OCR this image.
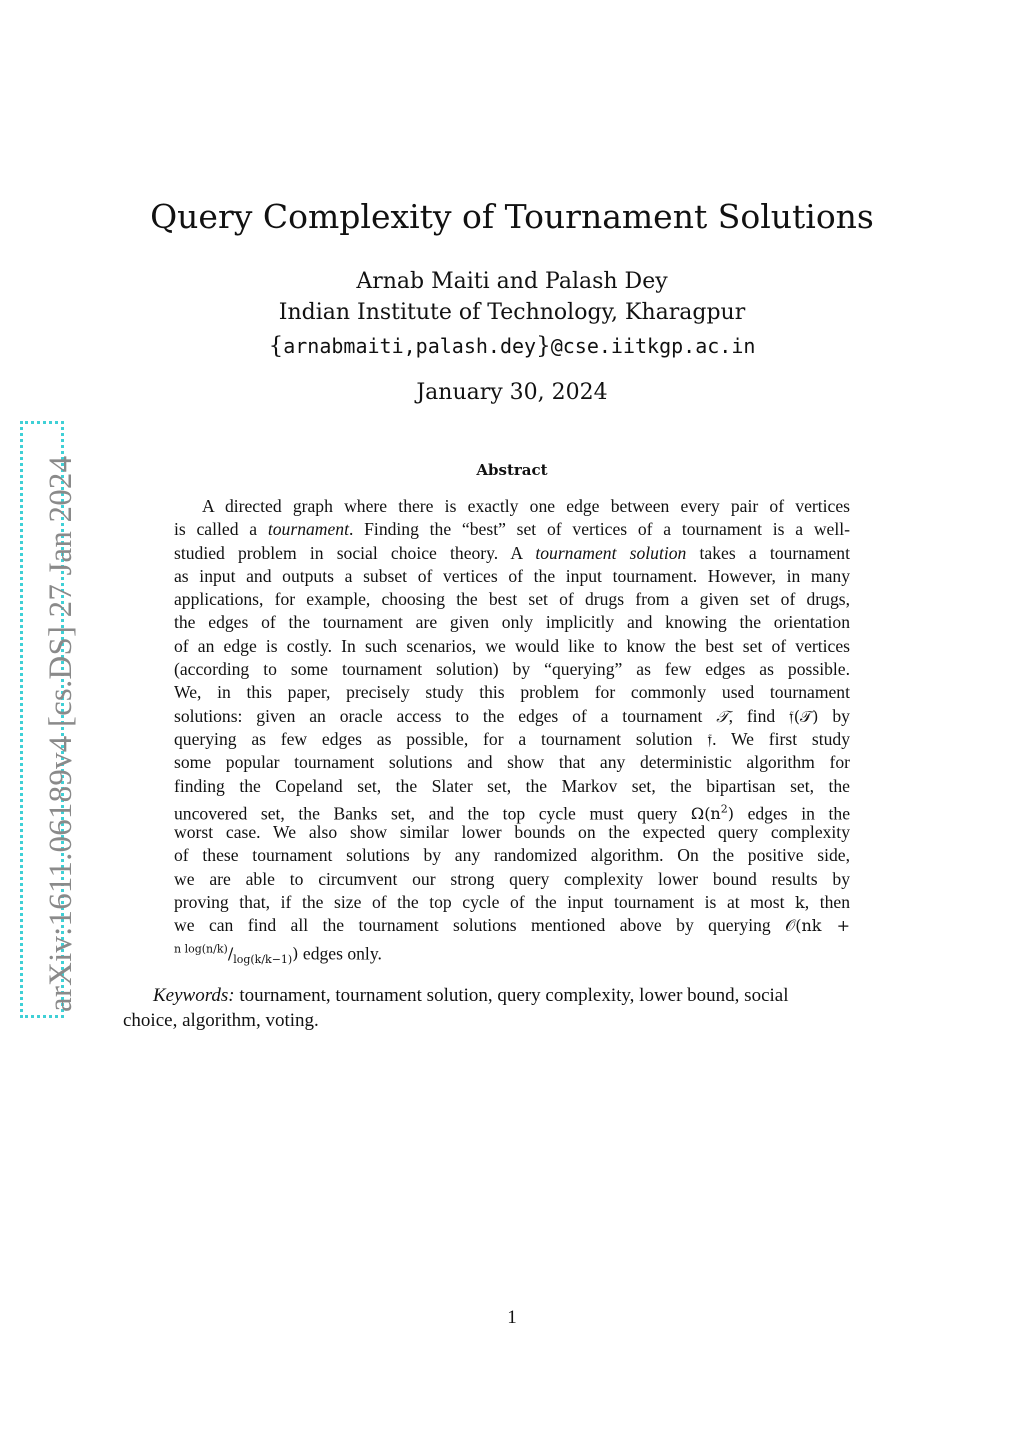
arXiv:1611.06189v4 [cs.DS] 27 Jan 2024
Query Complexity of Tournament Solutions
Arnab Maiti and Palash Dey
Indian Institute of Technology, Kharagpur
{arnabmaiti,palash.dey}@cse.iitkgp.ac.in
January 30, 2024
Abstract
A directed graph where there is exactly one edge between every pair of vertices
is called a tournament. Finding the “best” set of vertices of a tournament is a well-
studied problem in social choice theory. A tournament solution takes a tournament
as input and outputs a subset of vertices of the input tournament. However, in many
applications, for example, choosing the best set of drugs from a given set of drugs,
the edges of the tournament are given only implicitly and knowing the orientation
of an edge is costly. In such scenarios, we would like to know the best set of vertices
(according to some tournament solution) by “querying” as few edges as possible.
We, in this paper, precisely study this problem for commonly used tournament
solutions: given an oracle access to the edges of a tournament 𝒯, find 𝔣(𝒯) by
querying as few edges as possible, for a tournament solution 𝔣. We first study
some popular tournament solutions and show that any deterministic algorithm for
finding the Copeland set, the Slater set, the Markov set, the bipartisan set, the
uncovered set, the Banks set, and the top cycle must query $\Omega(n^2)$ edges in the
worst case. We also show similar lower bounds on the expected query complexity
of these tournament solutions by any randomized algorithm. On the positive side,
we are able to circumvent our strong query complexity lower bound results by
proving that, if the size of the top cycle of the input tournament is at most k, then
we can find all the tournament solutions mentioned above by querying 𝒪(nk +
$^{n log(n/k)}/_{log(k/k-1)}$) edges only.
Keywords: tournament, tournament solution, query complexity, lower bound, social
choice, algorithm, voting.
1
